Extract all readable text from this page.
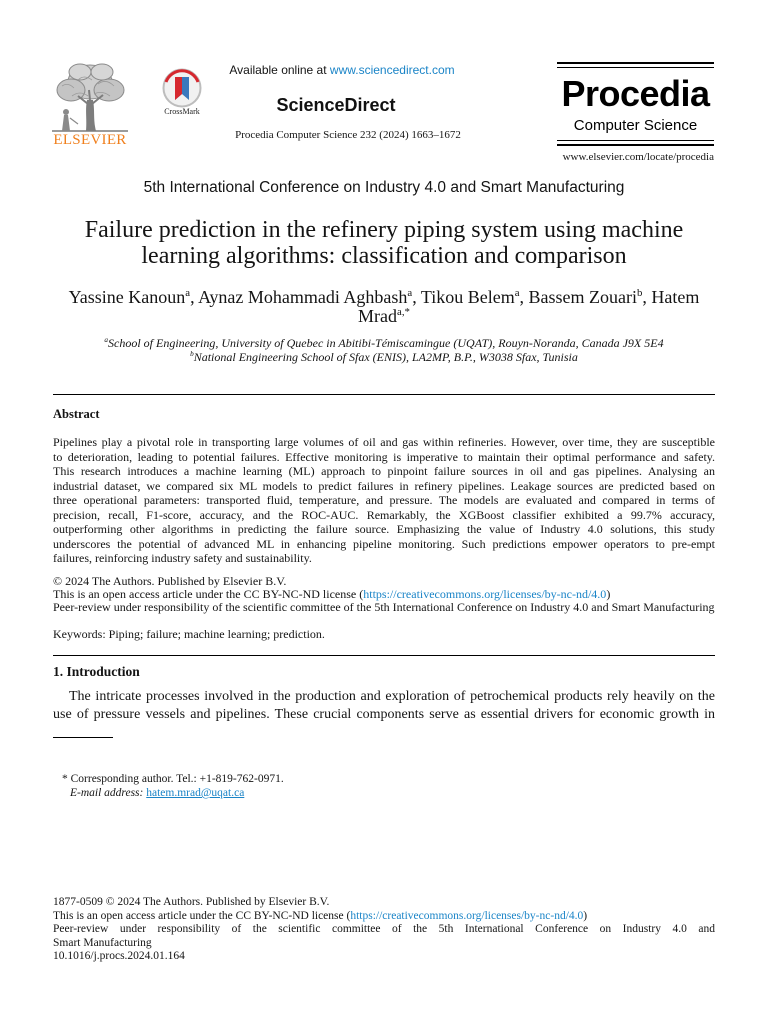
ELSEVIER
CrossMark
Available online at www.sciencedirect.com
ScienceDirect
Procedia Computer Science 232 (2024) 1663–1672
Procedia
Computer Science
www.elsevier.com/locate/procedia
5th International Conference on Industry 4.0 and Smart Manufacturing
Failure prediction in the refinery piping system using machine learning algorithms: classification and comparison
Yassine Kanoun$^a$, Aynaz Mohammadi Aghbash$^a$, Tikou Belem$^a$, Bassem Zouari$^b$, Hatem Mrad$^{a,*}$
$^a$School of Engineering, University of Quebec in Abitibi-Témiscamingue (UQAT), Rouyn-Noranda, Canada J9X 5E4
$^b$National Engineering School of Sfax (ENIS), LA2MP, B.P., W3038 Sfax, Tunisia
Abstract
Pipelines play a pivotal role in transporting large volumes of oil and gas within refineries. However, over time, they are susceptible
to deterioration, leading to potential failures. Effective monitoring is imperative to maintain their optimal performance and safety.
This research introduces a machine learning (ML) approach to pinpoint failure sources in oil and gas pipelines. Analysing an
industrial dataset, we compared six ML models to predict failures in refinery pipelines. Leakage sources are predicted based on
three operational parameters: transported fluid, temperature, and pressure. The models are evaluated and compared in terms of
precision, recall, F1-score, accuracy, and the ROC-AUC. Remarkably, the XGBoost classifier exhibited a 99.7% accuracy,
outperforming other algorithms in predicting the failure source. Emphasizing the value of Industry 4.0 solutions, this study
underscores the potential of advanced ML in enhancing pipeline monitoring. Such predictions empower operators to pre-empt
failures, reinforcing industry safety and sustainability.
© 2024 The Authors. Published by Elsevier B.V.
This is an open access article under the CC BY-NC-ND license (https://creativecommons.org/licenses/by-nc-nd/4.0)
Peer-review under responsibility of the scientific committee of the 5th International Conference on Industry 4.0 and Smart Manufacturing
Keywords: Piping; failure; machine learning; prediction.
1. Introduction
The intricate processes involved in the production and exploration of petrochemical products rely heavily on the
use of pressure vessels and pipelines. These crucial components serve as essential drivers for economic growth in
* Corresponding author. Tel.: +1-819-762-0971.
E-mail address: hatem.mrad@uqat.ca
1877-0509 © 2024 The Authors. Published by Elsevier B.V.
This is an open access article under the CC BY-NC-ND license (https://creativecommons.org/licenses/by-nc-nd/4.0)
Peer-review under responsibility of the scientific committee of the 5th International Conference on Industry 4.0 and
Smart Manufacturing
10.1016/j.procs.2024.01.164
